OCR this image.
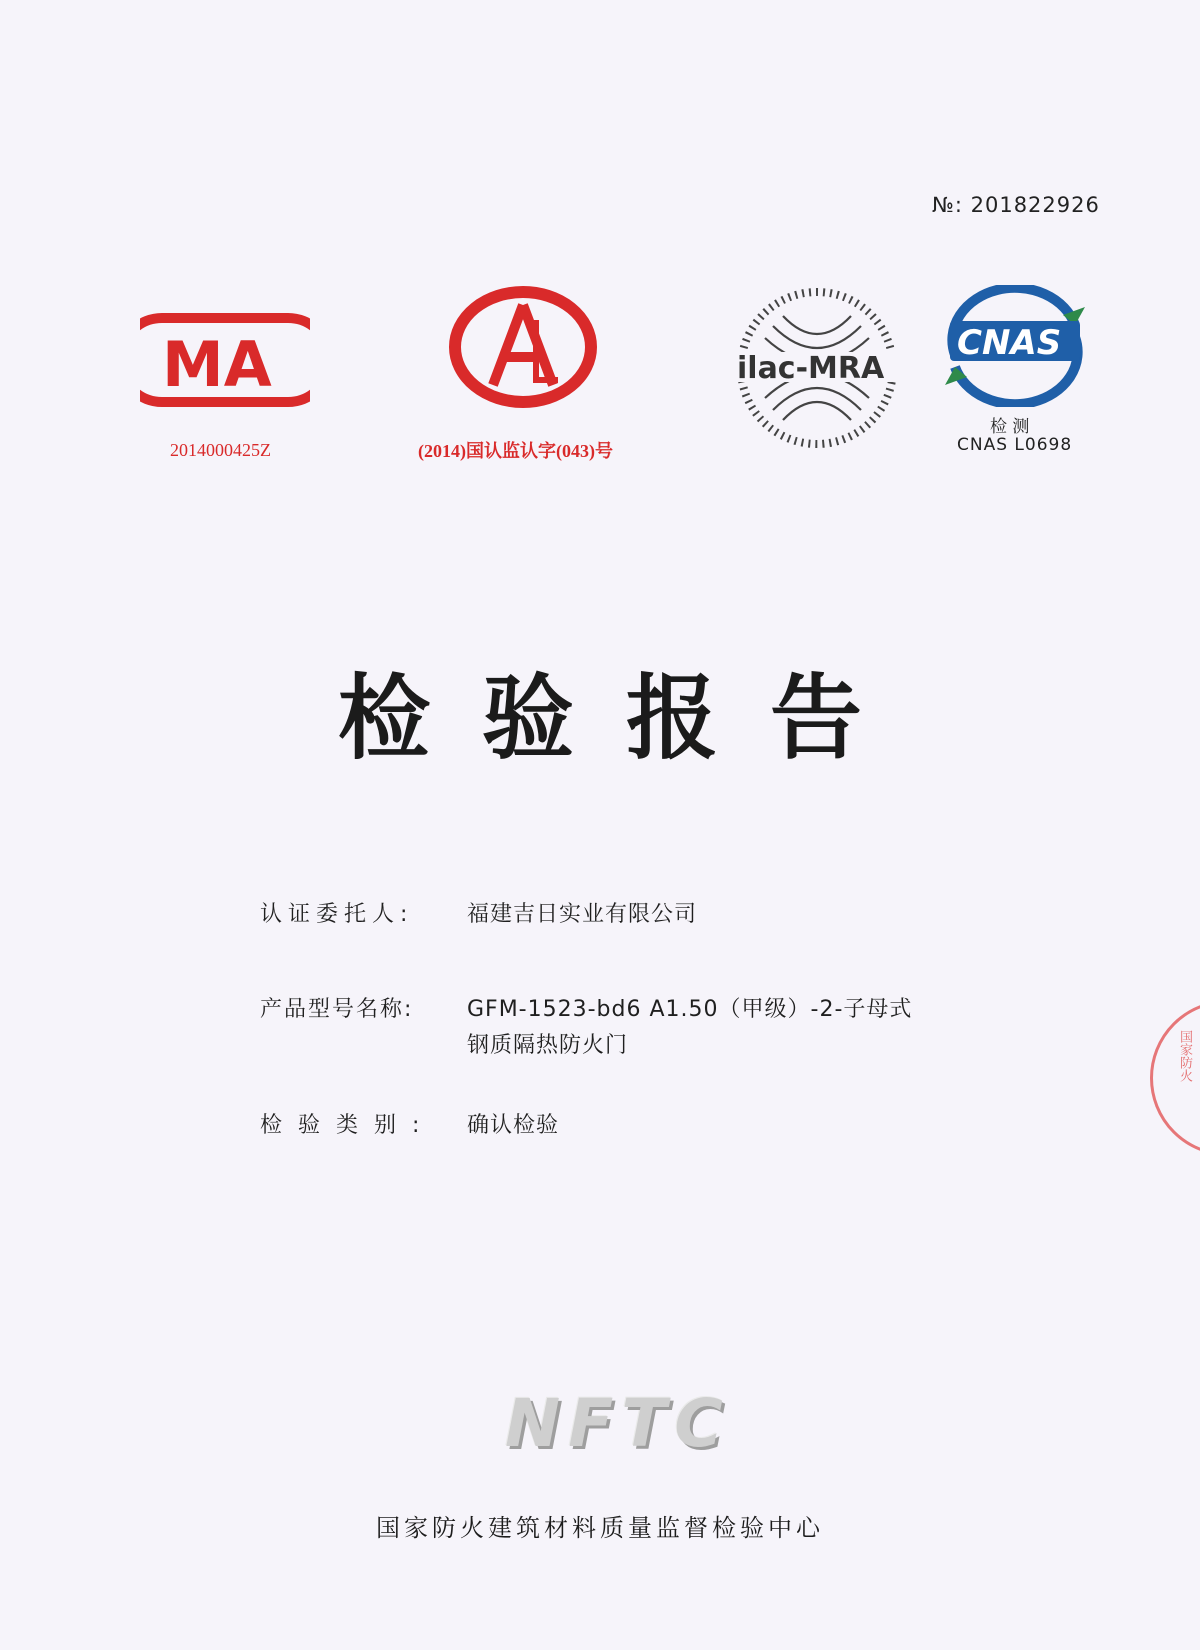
№: 201822926
MA
2014000425Z	(2014)国认监认字(043)号
ilac-MRA
CNAS
检 测
CNAS L0698
检验报告
认证委托人: 福建吉日实业有限公司
产品型号名称: GFM-1523-bd6 A1.50（甲级）-2-子母式
钢质隔热防火门
检验类别: 确认检验
NFTC
国家防火建筑材料质量监督检验中心
国家防火
